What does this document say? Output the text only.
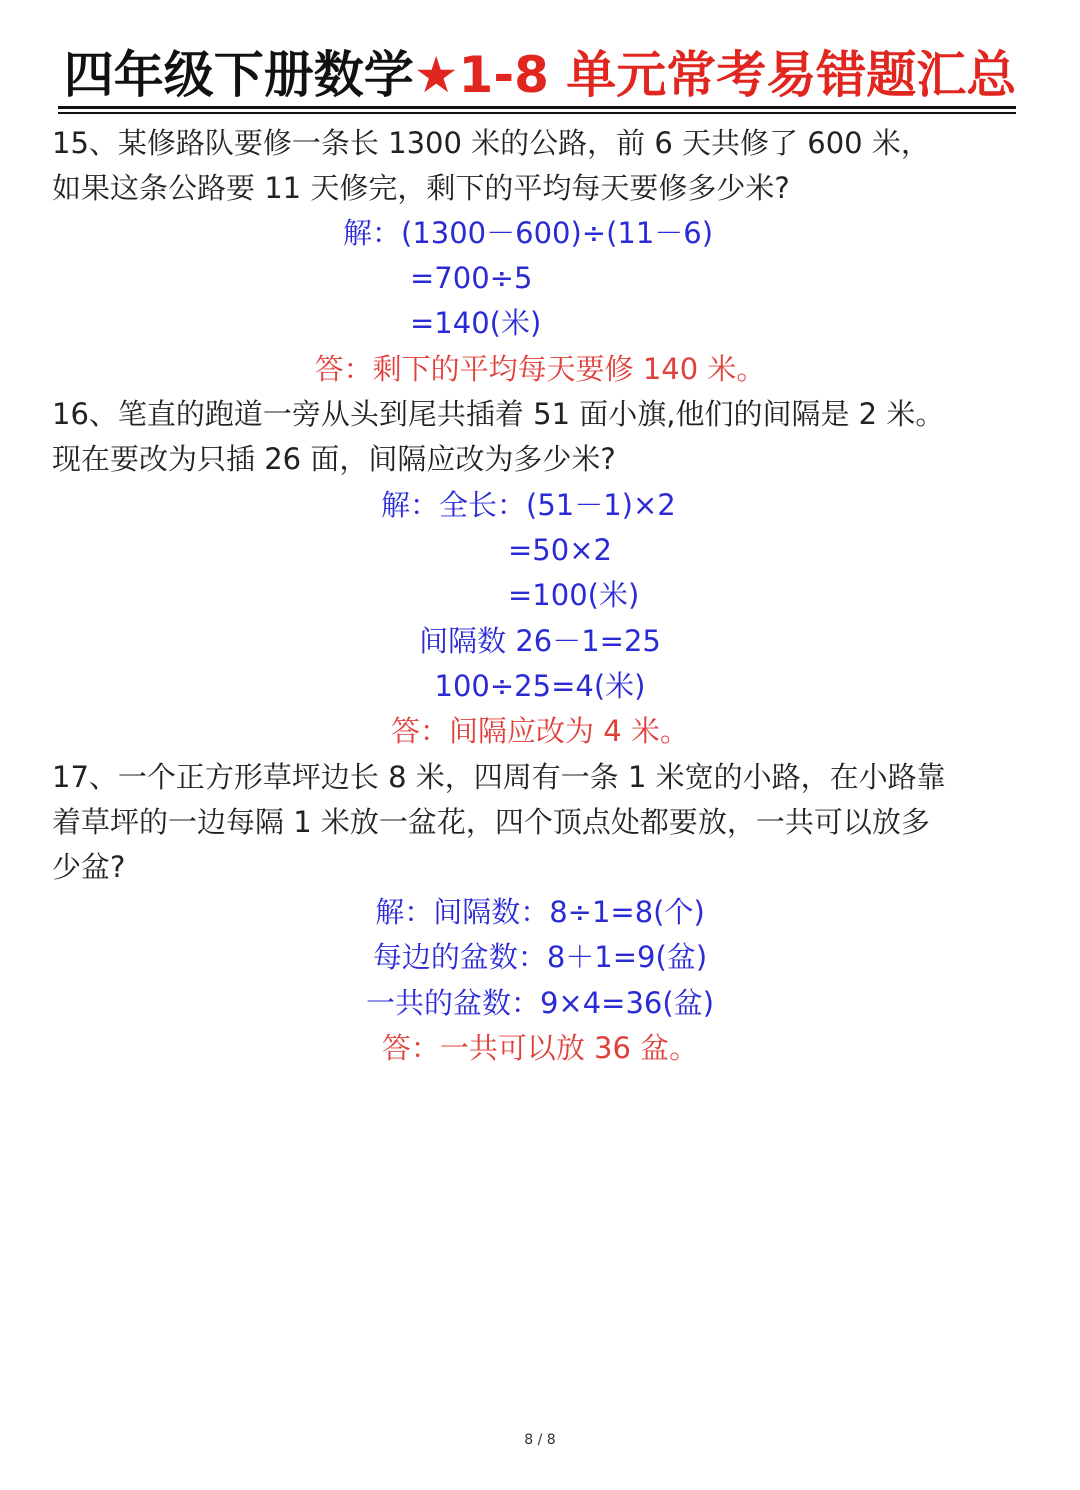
四年级下册数学★1-8 单元常考易错题汇总
15、某修路队要修一条长 1300 米的公路，前 6 天共修了 600 米，
如果这条公路要 11 天修完，剩下的平均每天要修多少米?
解：(1300－600)÷(11－6)
=700÷5
=140(米)
答：剩下的平均每天要修 140 米。
16、笔直的跑道一旁从头到尾共插着 51 面小旗,他们的间隔是 2 米。
现在要改为只插 26 面，间隔应改为多少米?
解：全长：(51－1)×2
=50×2
=100(米)
间隔数 26－1=25
100÷25=4(米)
答：间隔应改为 4 米。
17、一个正方形草坪边长 8 米，四周有一条 1 米宽的小路，在小路靠
着草坪的一边每隔 1 米放一盆花，四个顶点处都要放，一共可以放多
少盆?
解：间隔数：8÷1=8(个)
每边的盆数：8＋1=9(盆)
一共的盆数：9×4=36(盆)
答：一共可以放 36 盆。
8 / 8
